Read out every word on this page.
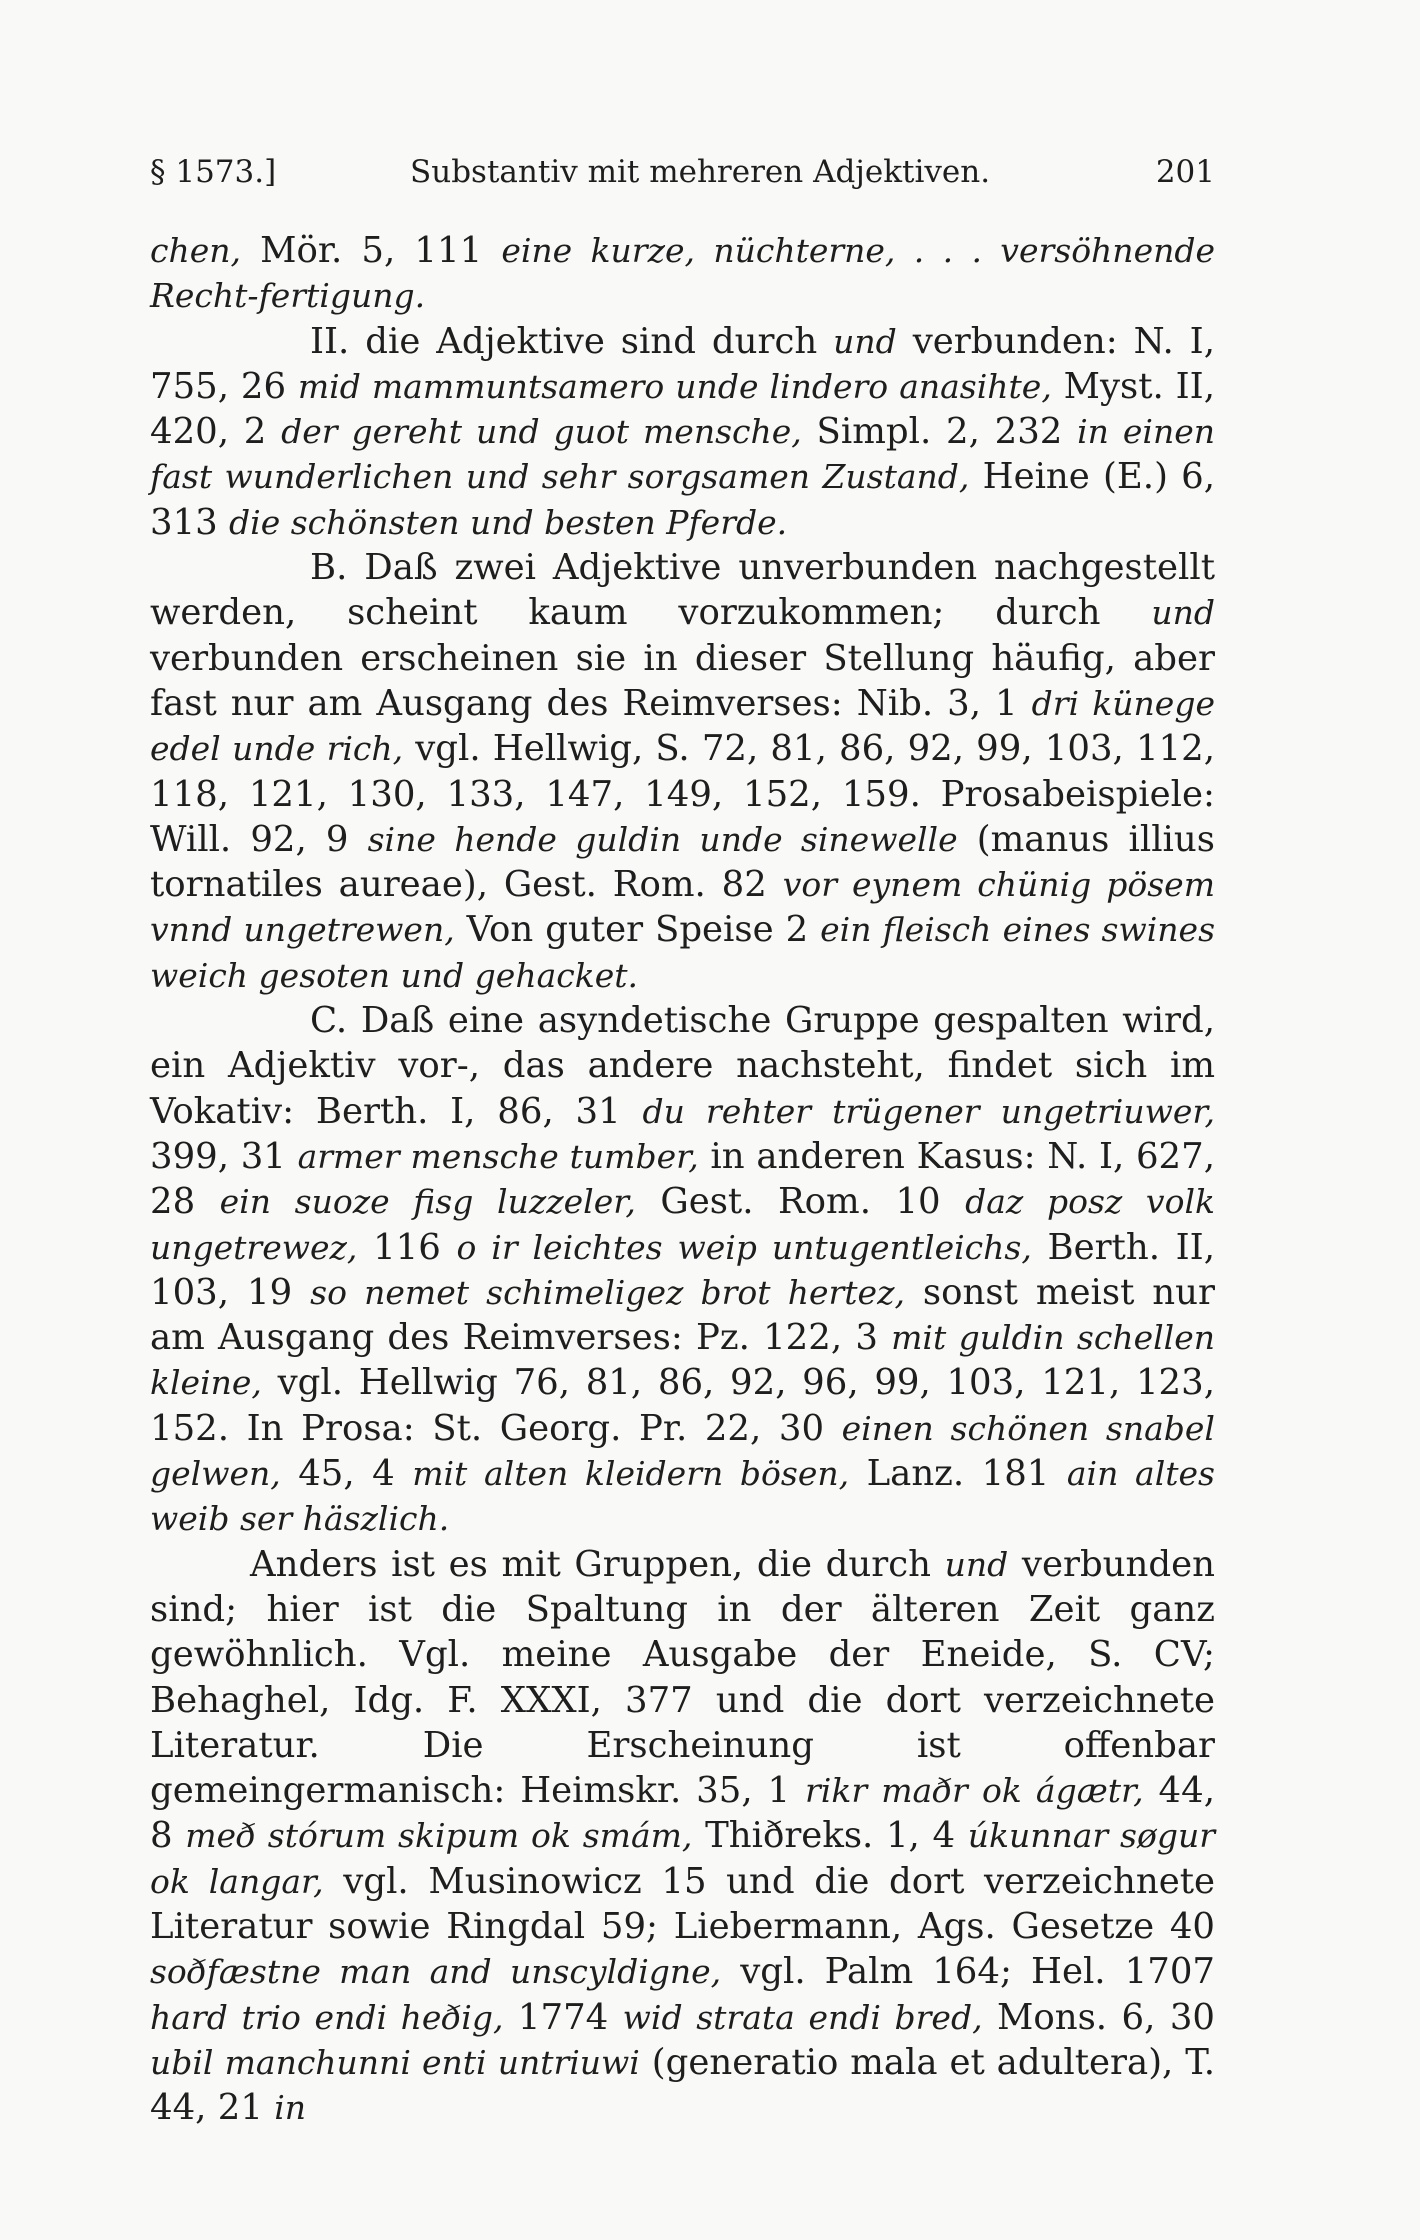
§ 1573.]	Substantiv mit mehreren Adjektiven.	201

chen, Mör. 5, 111 eine kurze, nüchterne, . . . versöhnende Recht-fertigung.

II. die Adjektive sind durch und verbunden: N. I, 755, 26 mid mammuntsamero unde lindero anasihte, Myst. II, 420, 2 der gereht und guot mensche, Simpl. 2, 232 in einen fast wunderlichen und sehr sorgsamen Zustand, Heine (E.) 6, 313 die schönsten und besten Pferde.

B. Daß zwei Adjektive unverbunden nachgestellt werden, scheint kaum vorzukommen; durch und verbunden erscheinen sie in dieser Stellung häufig, aber fast nur am Ausgang des Reimverses: Nib. 3, 1 dri künege edel unde rich, vgl. Hellwig, S. 72, 81, 86, 92, 99, 103, 112, 118, 121, 130, 133, 147, 149, 152, 159. Prosabeispiele: Will. 92, 9 sine hende guldin unde sinewelle (manus illius tornatiles aureae), Gest. Rom. 82 vor eynem chünig pösem vnnd ungetrewen, Von guter Speise 2 ein fleisch eines swines weich gesoten und gehacket.

C. Daß eine asyndetische Gruppe gespalten wird, ein Adjektiv vor-, das andere nachsteht, findet sich im Vokativ: Berth. I, 86, 31 du rehter trügener ungetriuwer, 399, 31 armer mensche tumber, in anderen Kasus: N. I, 627, 28 ein suoze fisg luzzeler, Gest. Rom. 10 daz posz volk ungetrewez, 116 o ir leichtes weip untugentleichs, Berth. II, 103, 19 so nemet schimeligez brot hertez, sonst meist nur am Ausgang des Reimverses: Pz. 122, 3 mit guldin schellen kleine, vgl. Hellwig 76, 81, 86, 92, 96, 99, 103, 121, 123, 152. In Prosa: St. Georg. Pr. 22, 30 einen schönen snabel gelwen, 45, 4 mit alten kleidern bösen, Lanz. 181 ain altes weib ser häszlich.

Anders ist es mit Gruppen, die durch und verbunden sind; hier ist die Spaltung in der älteren Zeit ganz gewöhnlich. Vgl. meine Ausgabe der Eneide, S. CV; Behaghel, Idg. F. XXXI, 377 und die dort verzeichnete Literatur. Die Erscheinung ist offenbar gemeingermanisch: Heimskr. 35, 1 rikr maðr ok ágætr, 44, 8 með stórum skipum ok smám, Thiðreks. 1, 4 úkunnar søgur ok langar, vgl. Musinowicz 15 und die dort verzeichnete Literatur sowie Ringdal 59; Liebermann, Ags. Gesetze 40 soðfæstne man and unscyldigne, vgl. Palm 164; Hel. 1707 hard trio endi heðig, 1774 wid strata endi bred, Mons. 6, 30 ubil manchunni enti untriuwi (generatio mala et adultera), T. 44, 21 in
